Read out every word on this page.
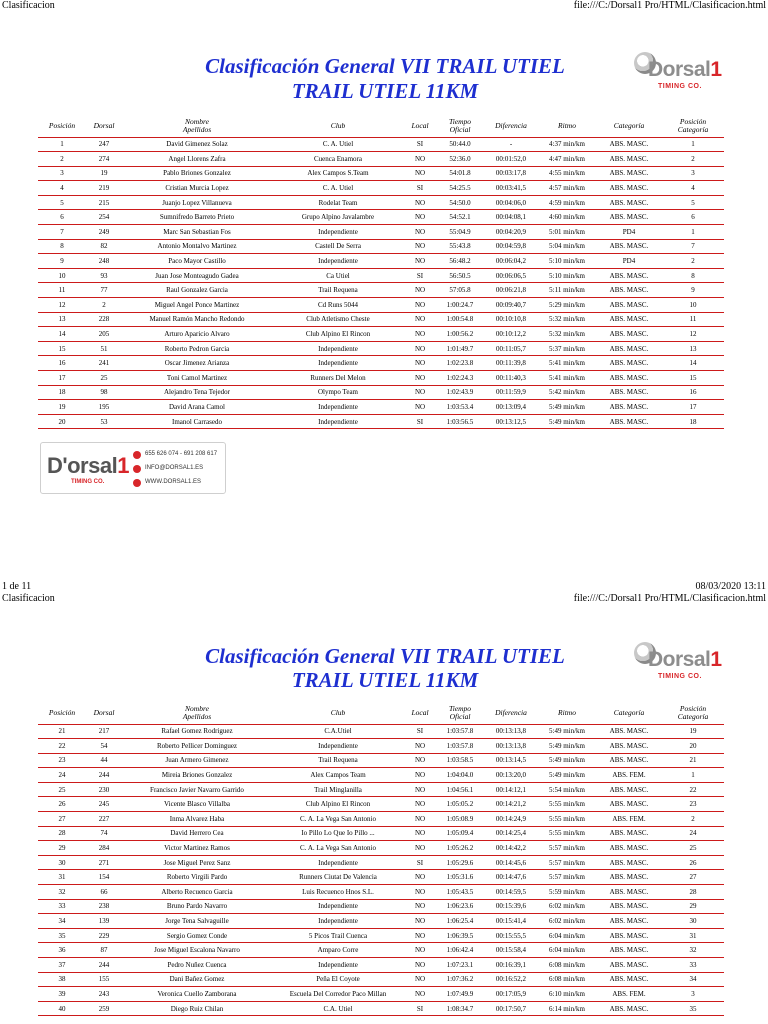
Clasificacion	file:///C:/Dorsal1 Pro/HTML/Clasificacion.html
Clasificación General VII TRAIL UTIEL
TRAIL UTIEL 11KM
Dorsal1
TIMING CO.
Posición	Dorsal	Nombre
Apellidos	Club	Local	Tiempo
Oficial	Diferencia	Ritmo	Categoría	Posición
Categoría
1	247	David Gimenez Solaz	C. A. Utiel	SI	50:44.0	-	4:37 min/km	ABS. MASC.	1
2	274	Angel Llorens Zafra	Cuenca Enamora	NO	52:36.0	00:01:52,0	4:47 min/km	ABS. MASC.	2
3	19	Pablo Briones Gonzalez	Alex Campos S.Team	NO	54:01.8	00:03:17,8	4:55 min/km	ABS. MASC.	3
4	219	Cristian Murcia Lopez	C. A. Utiel	SI	54:25.5	00:03:41,5	4:57 min/km	ABS. MASC.	4
5	215	Juanjo Lopez Villanueva	Rodelat Team	NO	54:50.0	00:04:06,0	4:59 min/km	ABS. MASC.	5
6	254	Sumnifredo Barreto Prieto	Grupo Alpino Javalambre	NO	54:52.1	00:04:08,1	4:60 min/km	ABS. MASC.	6
7	249	Marc San Sebastian Fos	Independiente	NO	55:04.9	00:04:20,9	5:01 min/km	PD4	1
8	82	Antonio Montalvo Martinez	Castell De Serra	NO	55:43.8	00:04:59,8	5:04 min/km	ABS. MASC.	7
9	248	Paco Mayor Castillo	Independiente	NO	56:48.2	00:06:04,2	5:10 min/km	PD4	2
10	93	Juan Jose Monteagudo Gadea	Ca Utiel	SI	56:50.5	00:06:06,5	5:10 min/km	ABS. MASC.	8
11	77	Raul Gonzalez Garcia	Trail Requena	NO	57:05.8	00:06:21,8	5:11 min/km	ABS. MASC.	9
12	2	Miguel Angel Ponce Martinez	Cd Runs 5044	NO	1:00:24.7	00:09:40,7	5:29 min/km	ABS. MASC.	10
13	228	Manuel Ramón Mancho Redondo	Club Atletismo Cheste	NO	1:00:54.8	00:10:10,8	5:32 min/km	ABS. MASC.	11
14	205	Arturo Aparicio Alvaro	Club Alpino El Rincon	NO	1:00:56.2	00:10:12,2	5:32 min/km	ABS. MASC.	12
15	51	Roberto Pedron Garcia	Independiente	NO	1:01:49.7	00:11:05,7	5:37 min/km	ABS. MASC.	13
16	241	Oscar Jimenez Arianza	Independiente	NO	1:02:23.8	00:11:39,8	5:41 min/km	ABS. MASC.	14
17	25	Toni Camol Martinez	Runners Del Melon	NO	1:02:24.3	00:11:40,3	5:41 min/km	ABS. MASC.	15
18	98	Alejandro Tena Tejedor	Olympo Team	NO	1:02:43.9	00:11:59,9	5:42 min/km	ABS. MASC.	16
19	195	David Arana Camol	Independiente	NO	1:03:53.4	00:13:09,4	5:49 min/km	ABS. MASC.	17
20	53	Imanol Carrasedo	Independiente	SI	1:03:56.5	00:13:12,5	5:49 min/km	ABS. MASC.	18
D'orsal1
TIMING CO.
655 626 074 - 691 208 617
INFO@DORSAL1.ES
WWW.DORSAL1.ES
1 de 11	08/03/2020 13:11
Clasificacion	file:///C:/Dorsal1 Pro/HTML/Clasificacion.html
Clasificación General VII TRAIL UTIEL
TRAIL UTIEL 11KM
Dorsal1
TIMING CO.
Posición	Dorsal	Nombre
Apellidos	Club	Local	Tiempo
Oficial	Diferencia	Ritmo	Categoría	Posición
Categoría
21	217	Rafael Gomez Rodriguez	C.A.Utiel	SI	1:03:57.8	00:13:13,8	5:49 min/km	ABS. MASC.	19
22	54	Roberto Pellicer Dominguez	Independiente	NO	1:03:57.8	00:13:13,8	5:49 min/km	ABS. MASC.	20
23	44	Juan Armero Gimenez	Trail Requena	NO	1:03:58.5	00:13:14,5	5:49 min/km	ABS. MASC.	21
24	244	Mireia Briones Gonzalez	Alex Campos Team	NO	1:04:04.0	00:13:20,0	5:49 min/km	ABS. FEM.	1
25	230	Francisco Javier Navarro Garrido	Trail Minglanilla	NO	1:04:56.1	00:14:12,1	5:54 min/km	ABS. MASC.	22
26	245	Vicente Blasco Villalba	Club Alpino El Rincon	NO	1:05:05.2	00:14:21,2	5:55 min/km	ABS. MASC.	23
27	227	Inma Alvarez Haba	C. A. La Vega San Antonio	NO	1:05:08.9	00:14:24,9	5:55 min/km	ABS. FEM.	2
28	74	David Herrero Cea	Io Pillo Lo Que Io Pillo ...	NO	1:05:09.4	00:14:25,4	5:55 min/km	ABS. MASC.	24
29	284	Victor Martinez Ramos	C. A. La Vega San Antonio	NO	1:05:26.2	00:14:42,2	5:57 min/km	ABS. MASC.	25
30	271	Jose Miguel Perez Sanz	Independiente	SI	1:05:29.6	00:14:45,6	5:57 min/km	ABS. MASC.	26
31	154	Roberto Virgili Pardo	Runners Ciutat De Valencia	NO	1:05:31.6	00:14:47,6	5:57 min/km	ABS. MASC.	27
32	66	Alberto Recuenco Garcia	Luis Recuenco Hnos S.L.	NO	1:05:43.5	00:14:59,5	5:59 min/km	ABS. MASC.	28
33	238	Bruno Pardo Navarro	Independiente	NO	1:06:23.6	00:15:39,6	6:02 min/km	ABS. MASC.	29
34	139	Jorge Tena Salvaguille	Independiente	NO	1:06:25.4	00:15:41,4	6:02 min/km	ABS. MASC.	30
35	229	Sergio Gomez Conde	5 Picos Trail Cuenca	NO	1:06:39.5	00:15:55,5	6:04 min/km	ABS. MASC.	31
36	87	Jose Miguel Escalona Navarro	Amparo Corre	NO	1:06:42.4	00:15:58,4	6:04 min/km	ABS. MASC.	32
37	244	Pedro Nuñez Cuenca	Independiente	NO	1:07:23.1	00:16:39,1	6:08 min/km	ABS. MASC.	33
38	155	Dani Bañez Gomez	Peña El Coyote	NO	1:07:36.2	00:16:52,2	6:08 min/km	ABS. MASC.	34
39	243	Veronica Cuello Zamborana	Escuela Del Corredor Paco Millan	NO	1:07:49.9	00:17:05,9	6:10 min/km	ABS. FEM.	3
40	259	Diego Ruiz Chilan	C.A. Utiel	SI	1:08:34.7	00:17:50,7	6:14 min/km	ABS. MASC.	35
